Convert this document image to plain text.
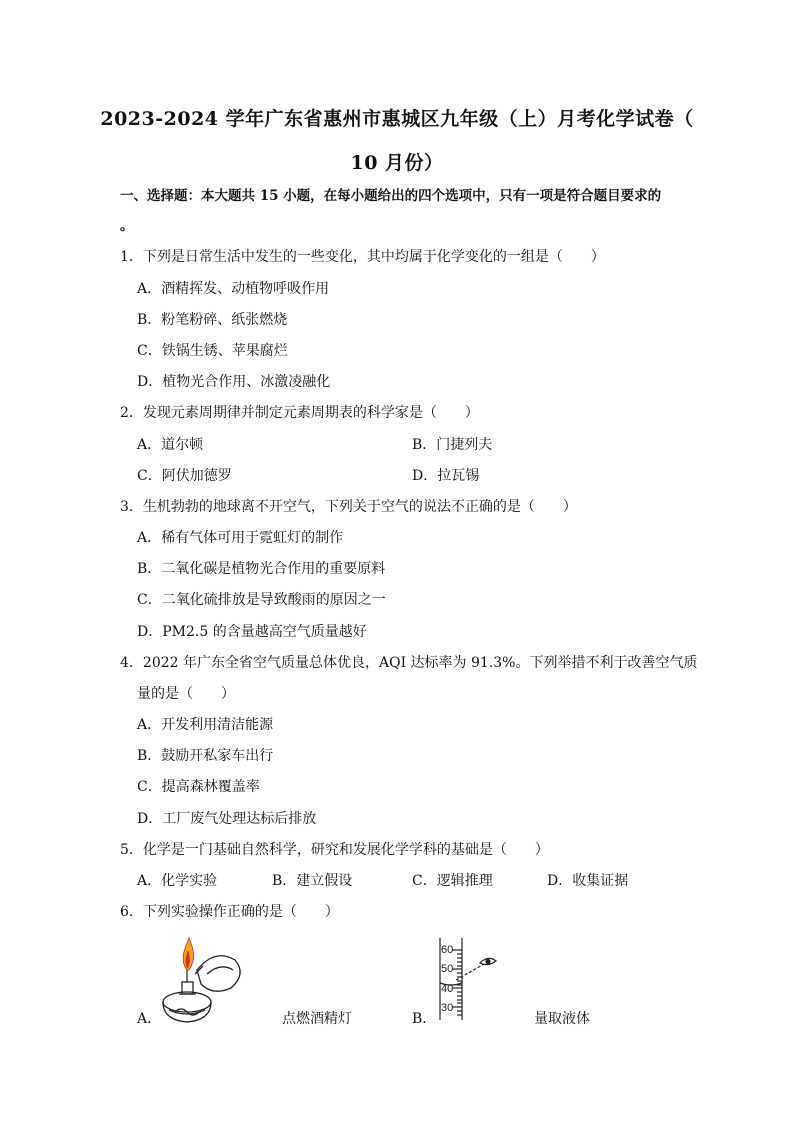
2023-2024 学年广东省惠州市惠城区九年级（上）月考化学试卷（
10 月份）
一、选择题：本大题共 15 小题，在每小题给出的四个选项中，只有一项是符合题目要求的
。
1．下列是日常生活中发生的一些变化，其中均属于化学变化的一组是（　　）
A．酒精挥发、动植物呼吸作用
B．粉笔粉碎、纸张燃烧
C．铁锅生锈、苹果腐烂
D．植物光合作用、冰激凌融化
2．发现元素周期律并制定元素周期表的科学家是（　　）
A．道尔顿	B．门捷列夫
C．阿伏加德罗	D．拉瓦锡
3．生机勃勃的地球离不开空气，下列关于空气的说法不正确的是（　　）
A．稀有气体可用于霓虹灯的制作
B．二氧化碳是植物光合作用的重要原料
C．二氧化硫排放是导致酸雨的原因之一
D．PM2.5 的含量越高空气质量越好
4．2022 年广东全省空气质量总体优良，AQI 达标率为 91.3%。下列举措不利于改善空气质
量的是（　　）
A．开发利用清洁能源
B．鼓励开私家车出行
C．提高森林覆盖率
D．工厂废气处理达标后排放
5．化学是一门基础自然科学，研究和发展化学学科的基础是（　　）
A．化学实验	B．建立假设	C．逻辑推理	D．收集证据
6．下列实验操作正确的是（　　）
A．	点燃酒精灯	B．	量取液体
60
50
40
30
